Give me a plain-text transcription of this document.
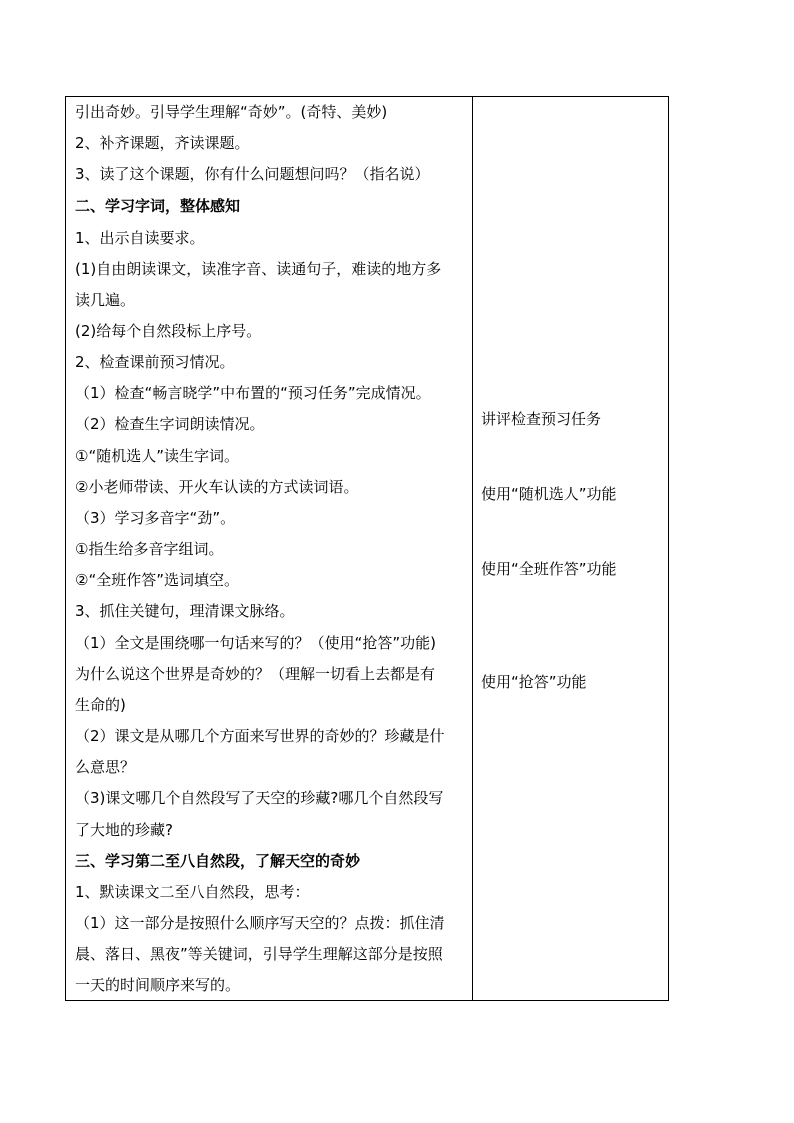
引出奇妙。引导学生理解“奇妙”。(奇特、美妙)
2、补齐课题，齐读课题。
3、读了这个课题，你有什么问题想问吗？（指名说）
二、学习字词，整体感知
1、出示自读要求。
(1)自由朗读课文，读准字音、读通句子，难读的地方多
读几遍。
(2)给每个自然段标上序号。
2、检查课前预习情况。
（1）检查“畅言晓学”中布置的“预习任务”完成情况。
（2）检查生字词朗读情况。
①“随机选人”读生字词。
②小老师带读、开火车认读的方式读词语。
（3）学习多音字“劲”。
①指生给多音字组词。
②“全班作答”选词填空。
3、抓住关键句，理清课文脉络。
（1）全文是围绕哪一句话来写的？（使用“抢答”功能)
为什么说这个世界是奇妙的？（理解一切看上去都是有
生命的)
（2）课文是从哪几个方面来写世界的奇妙的？珍藏是什
么意思？
（3)课文哪几个自然段写了天空的珍藏?哪几个自然段写
了大地的珍藏?
三、学习第二至八自然段，了解天空的奇妙
1、默读课文二至八自然段，思考：
（1）这一部分是按照什么顺序写天空的？点拨：抓住清
晨、落日、黑夜”等关键词，引导学生理解这部分是按照
一天的时间顺序来写的。
讲评检查预习任务
使用“随机选人”功能
使用“全班作答”功能
使用“抢答”功能
